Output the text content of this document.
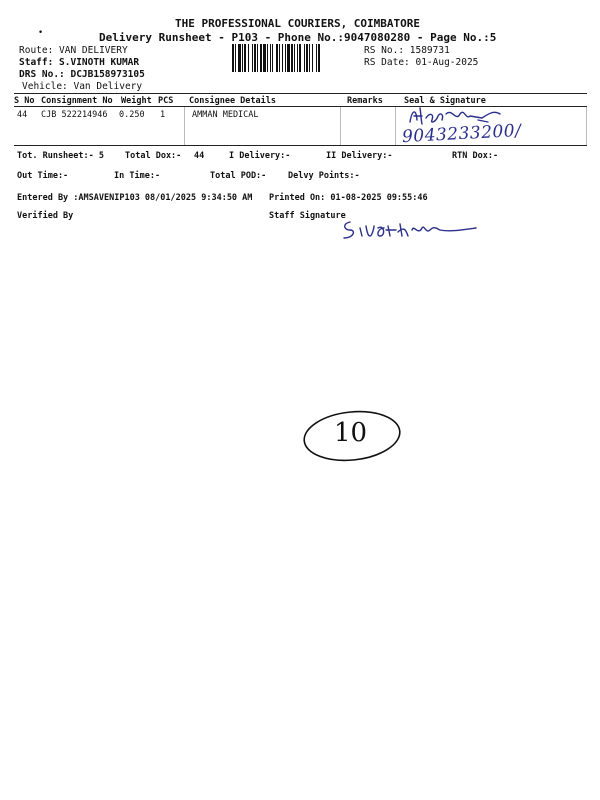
•
THE PROFESSIONAL COURIERS, COIMBATORE
Delivery Runsheet - P103 - Phone No.:9047080280 - Page No.:5
Route: VAN DELIVERY
Staff: S.VINOTH KUMAR
DRS No.: DCJB158973105
Vehicle: Van Delivery
RS No.: 1589731
RS Date: 01-Aug-2025
S No Consignment No Weight PCS Consignee Details	Remarks Seal & Signature
44 CJB 522214946 0.250 1	AMMAN MEDICAL
9043233200/
Tot. Runsheet:- 5 Total Dox:- 44	I Delivery:-	II Delivery:-	RTN Dox:-
Out Time:-	In Time:-	Total POD:-	Delvy Points:-
Entered By :AMSAVENIP103 08/01/2025 9:34:50 AM Printed On: 01-08-2025 09:55:46
Verified By	Staff Signature
10
